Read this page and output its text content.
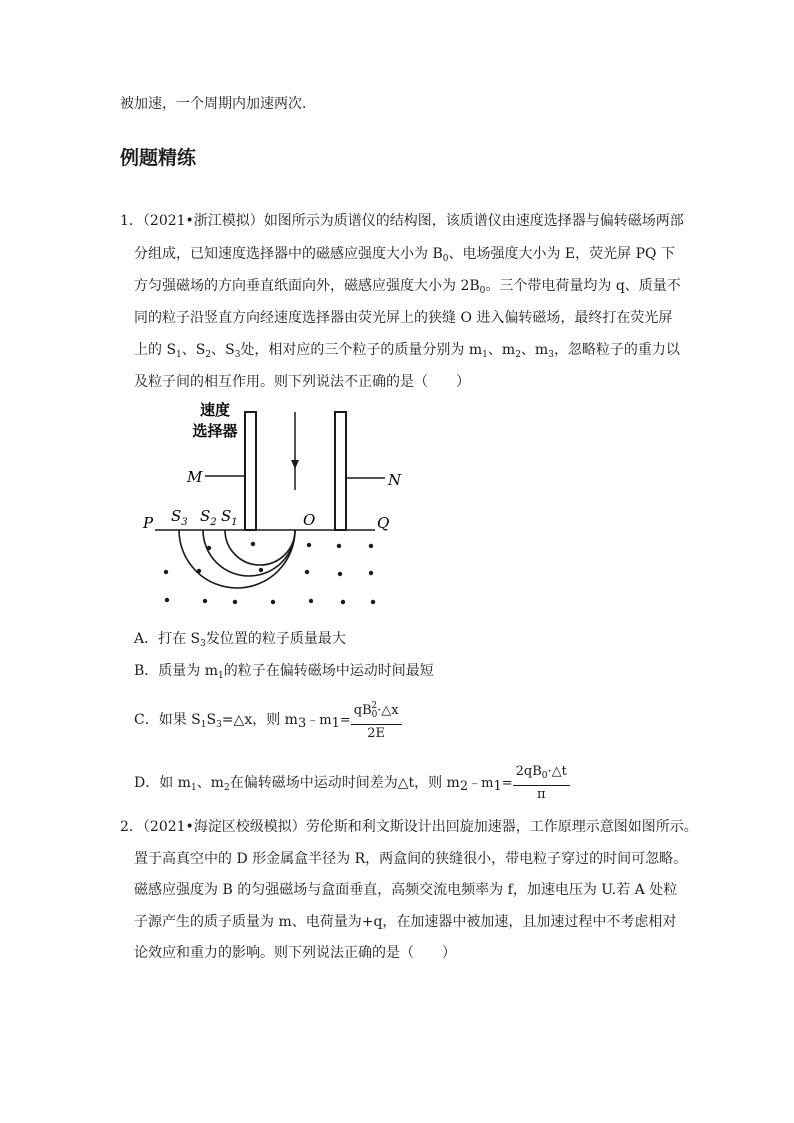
被加速，一个周期内加速两次．
例题精练
1．（2021•浙江模拟）如图所示为质谱仪的结构图，该质谱仪由速度选择器与偏转磁场两部
分组成，已知速度选择器中的磁感应强度大小为 $B_0$、电场强度大小为 E，荧光屏 PQ 下
方匀强磁场的方向垂直纸面向外，磁感应强度大小为 $2B_0$。三个带电荷量均为 q、质量不
同的粒子沿竖直方向经速度选择器由荧光屏上的狭缝 O 进入偏转磁场，最终打在荧光屏
上的 $S_1$、$S_2$、$S_3$处，相对应的三个粒子的质量分别为 $m_1$、$m_2$、$m_3$，忽略粒子的重力以
及粒子间的相互作用。则下列说法不正确的是（　　）
速度
选择器
M	N
P	Q
O
$S_3$ $S_2$ $S_1$
A．打在 $S_3$发位置的粒子质量最大
B．质量为 $m_1$的粒子在偏转磁场中运动时间最短
C．如果 $S_1S_3=\triangle x$，则 $m_3﹣m_1= \frac{qB_0^2\cdot\triangle x}{2E}$
D．如 $m_1$、$m_2$在偏转磁场中运动时间差为△t，则 $m_2﹣m_1= \frac{2qB_0\cdot\triangle t}{\pi}$
2．（2021•海淀区校级模拟）劳伦斯和利文斯设计出回旋加速器，工作原理示意图如图所示。
置于高真空中的 D 形金属盒半径为 R，两盒间的狭缝很小，带电粒子穿过的时间可忽略。
磁感应强度为 B 的匀强磁场与盒面垂直，高频交流电频率为 f，加速电压为 U.若 A 处粒
子源产生的质子质量为 m、电荷量为+q，在加速器中被加速，且加速过程中不考虑相对
论效应和重力的影响。则下列说法正确的是（　　）
